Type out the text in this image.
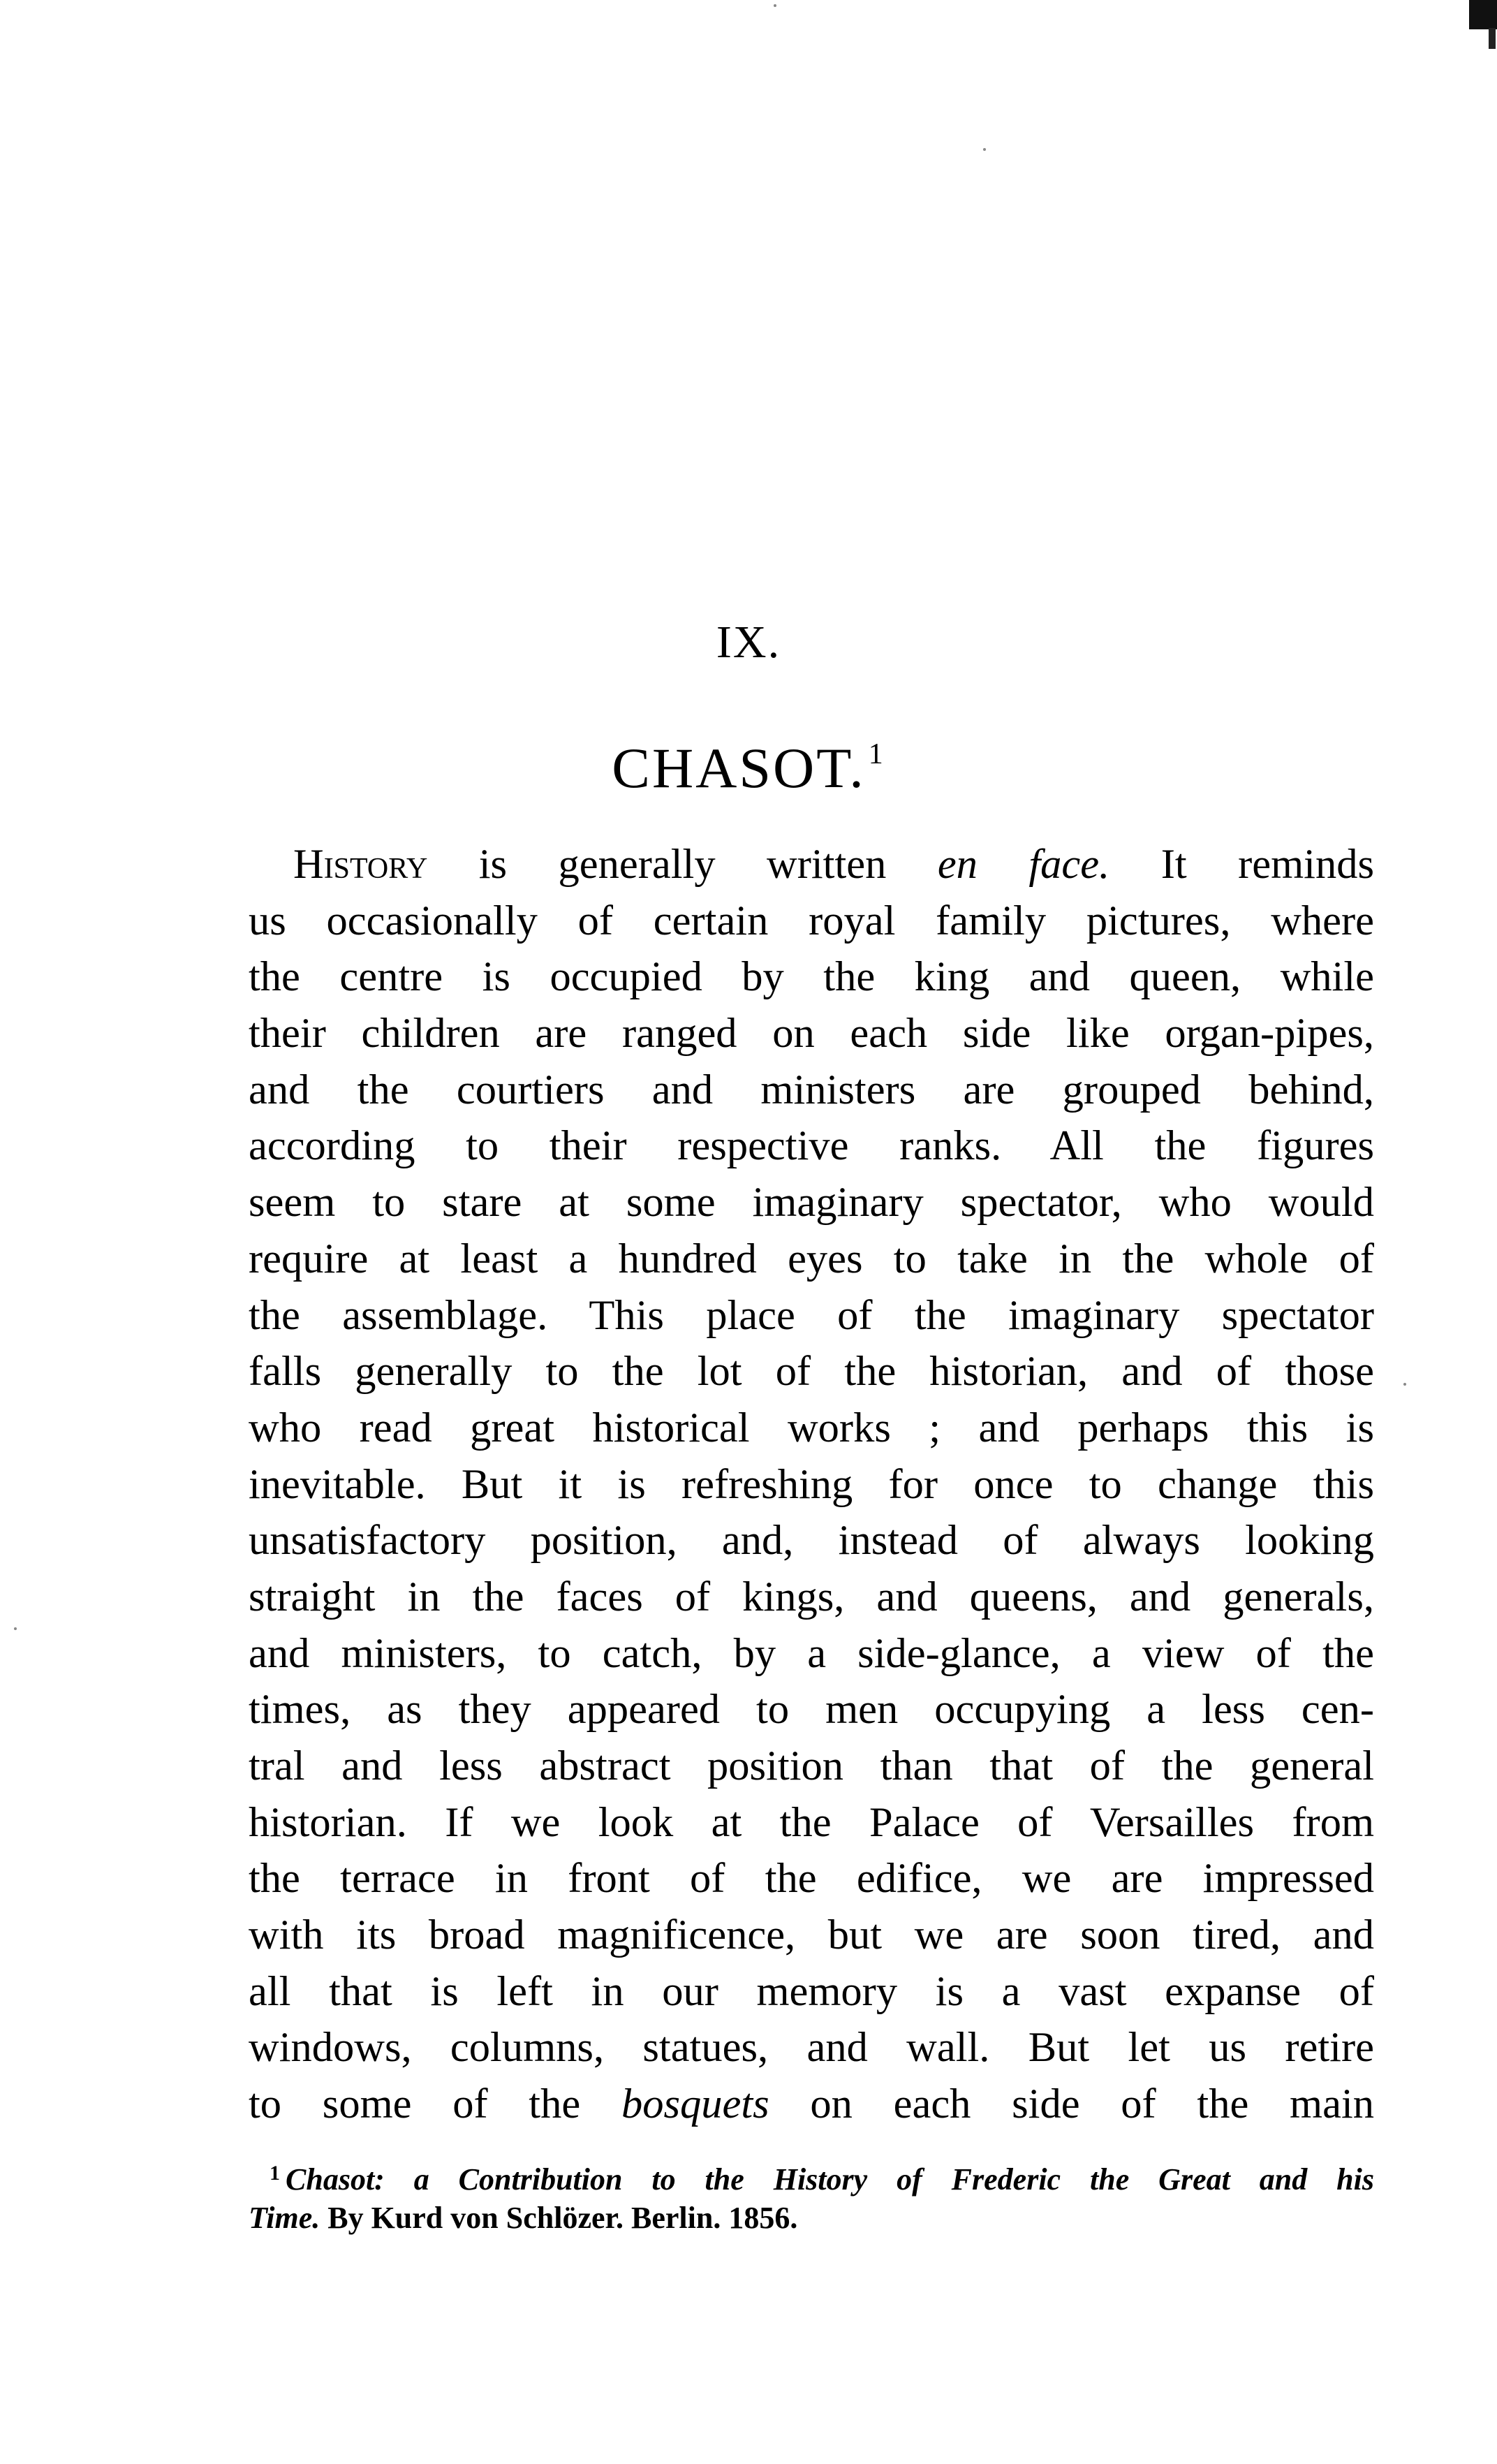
IX.
CHASOT.$^1$
History is generally written en face. It reminds
us occasionally of certain royal family pictures, where
the centre is occupied by the king and queen, while
their children are ranged on each side like organ-pipes,
and the courtiers and ministers are grouped behind,
according to their respective ranks. All the figures
seem to stare at some imaginary spectator, who would
require at least a hundred eyes to take in the whole of
the assemblage. This place of the imaginary spectator
falls generally to the lot of the historian, and of those
who read great historical works ; and perhaps this is
inevitable. But it is refreshing for once to change this
unsatisfactory position, and, instead of always looking
straight in the faces of kings, and queens, and generals,
and ministers, to catch, by a side-glance, a view of the
times, as they appeared to men occupying a less cen-
tral and less abstract position than that of the general
historian. If we look at the Palace of Versailles from
the terrace in front of the edifice, we are impressed
with its broad magnificence, but we are soon tired, and
all that is left in our memory is a vast expanse of
windows, columns, statues, and wall. But let us retire
to some of the bosquets on each side of the main
$^1$ Chasot: a Contribution to the History of Frederic the Great and his
Time. By Kurd von Schlözer. Berlin. 1856.
